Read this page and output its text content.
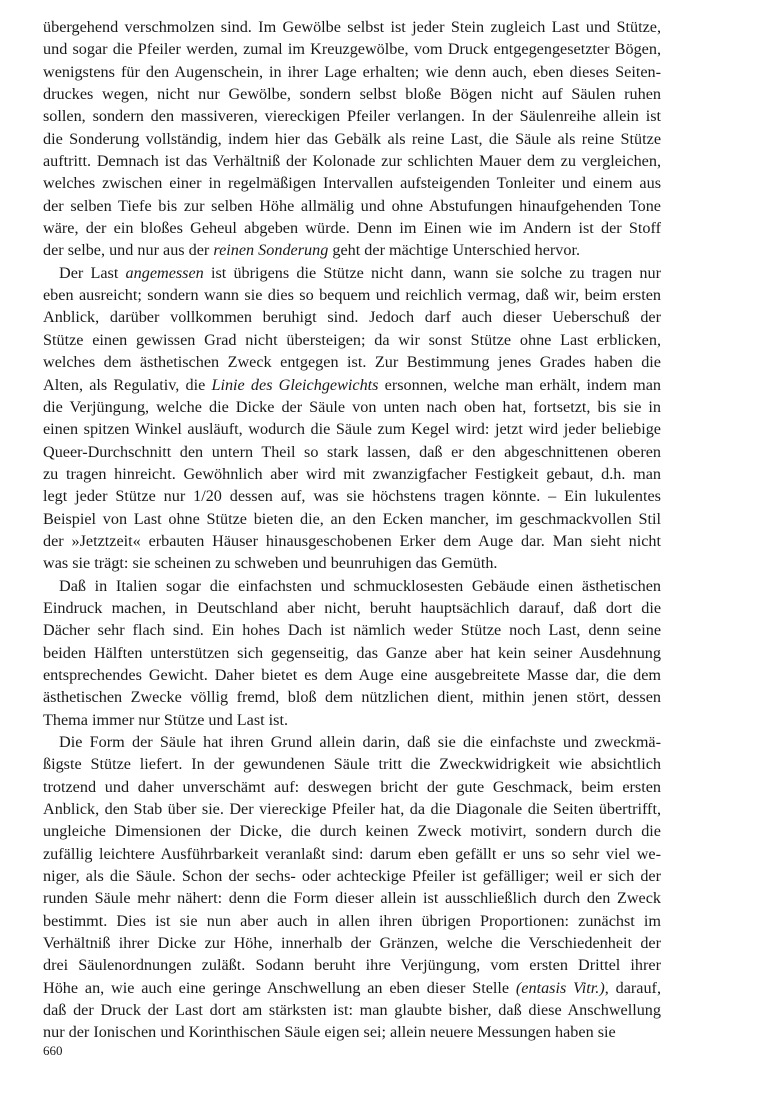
übergehend verschmolzen sind. Im Gewölbe selbst ist jeder Stein zugleich Last und Stütze,
und sogar die Pfeiler werden, zumal im Kreuzgewölbe, vom Druck entgegengesetzter Bögen,
wenigstens für den Augenschein, in ihrer Lage erhalten; wie denn auch, eben dieses Seiten-
druckes wegen, nicht nur Gewölbe, sondern selbst bloße Bögen nicht auf Säulen ruhen
sollen, sondern den massiveren, viereckigen Pfeiler verlangen. In der Säulenreihe allein ist
die Sonderung vollständig, indem hier das Gebälk als reine Last, die Säule als reine Stütze
auftritt. Demnach ist das Verhältniß der Kolonade zur schlichten Mauer dem zu vergleichen,
welches zwischen einer in regelmäßigen Intervallen aufsteigenden Tonleiter und einem aus
der selben Tiefe bis zur selben Höhe allmälig und ohne Abstufungen hinaufgehenden Tone
wäre, der ein bloßes Geheul abgeben würde. Denn im Einen wie im Andern ist der Stoff
der selbe, und nur aus der reinen Sonderung geht der mächtige Unterschied hervor.
Der Last angemessen ist übrigens die Stütze nicht dann, wann sie solche zu tragen nur
eben ausreicht; sondern wann sie dies so bequem und reichlich vermag, daß wir, beim ersten
Anblick, darüber vollkommen beruhigt sind. Jedoch darf auch dieser Ueberschuß der
Stütze einen gewissen Grad nicht übersteigen; da wir sonst Stütze ohne Last erblicken,
welches dem ästhetischen Zweck entgegen ist. Zur Bestimmung jenes Grades haben die
Alten, als Regulativ, die Linie des Gleichgewichts ersonnen, welche man erhält, indem man
die Verjüngung, welche die Dicke der Säule von unten nach oben hat, fortsetzt, bis sie in
einen spitzen Winkel ausläuft, wodurch die Säule zum Kegel wird: jetzt wird jeder beliebige
Queer-Durchschnitt den untern Theil so stark lassen, daß er den abgeschnittenen oberen
zu tragen hinreicht. Gewöhnlich aber wird mit zwanzigfacher Festigkeit gebaut, d.h. man
legt jeder Stütze nur 1/20 dessen auf, was sie höchstens tragen könnte. – Ein lukulentes
Beispiel von Last ohne Stütze bieten die, an den Ecken mancher, im geschmackvollen Stil
der »Jetztzeit« erbauten Häuser hinausgeschobenen Erker dem Auge dar. Man sieht nicht
was sie trägt: sie scheinen zu schweben und beunruhigen das Gemüth.
Daß in Italien sogar die einfachsten und schmucklosesten Gebäude einen ästhetischen
Eindruck machen, in Deutschland aber nicht, beruht hauptsächlich darauf, daß dort die
Dächer sehr flach sind. Ein hohes Dach ist nämlich weder Stütze noch Last, denn seine
beiden Hälften unterstützen sich gegenseitig, das Ganze aber hat kein seiner Ausdehnung
entsprechendes Gewicht. Daher bietet es dem Auge eine ausgebreitete Masse dar, die dem
ästhetischen Zwecke völlig fremd, bloß dem nützlichen dient, mithin jenen stört, dessen
Thema immer nur Stütze und Last ist.
Die Form der Säule hat ihren Grund allein darin, daß sie die einfachste und zweckmä-
ßigste Stütze liefert. In der gewundenen Säule tritt die Zweckwidrigkeit wie absichtlich
trotzend und daher unverschämt auf: deswegen bricht der gute Geschmack, beim ersten
Anblick, den Stab über sie. Der viereckige Pfeiler hat, da die Diagonale die Seiten übertrifft,
ungleiche Dimensionen der Dicke, die durch keinen Zweck motivirt, sondern durch die
zufällig leichtere Ausführbarkeit veranlaßt sind: darum eben gefällt er uns so sehr viel we-
niger, als die Säule. Schon der sechs- oder achteckige Pfeiler ist gefälliger; weil er sich der
runden Säule mehr nähert: denn die Form dieser allein ist ausschließlich durch den Zweck
bestimmt. Dies ist sie nun aber auch in allen ihren übrigen Proportionen: zunächst im
Verhältniß ihrer Dicke zur Höhe, innerhalb der Gränzen, welche die Verschiedenheit der
drei Säulenordnungen zuläßt. Sodann beruht ihre Verjüngung, vom ersten Drittel ihrer
Höhe an, wie auch eine geringe Anschwellung an eben dieser Stelle (entasis Vitr.), darauf,
daß der Druck der Last dort am stärksten ist: man glaubte bisher, daß diese Anschwellung
nur der Ionischen und Korinthischen Säule eigen sei; allein neuere Messungen haben sie
660
